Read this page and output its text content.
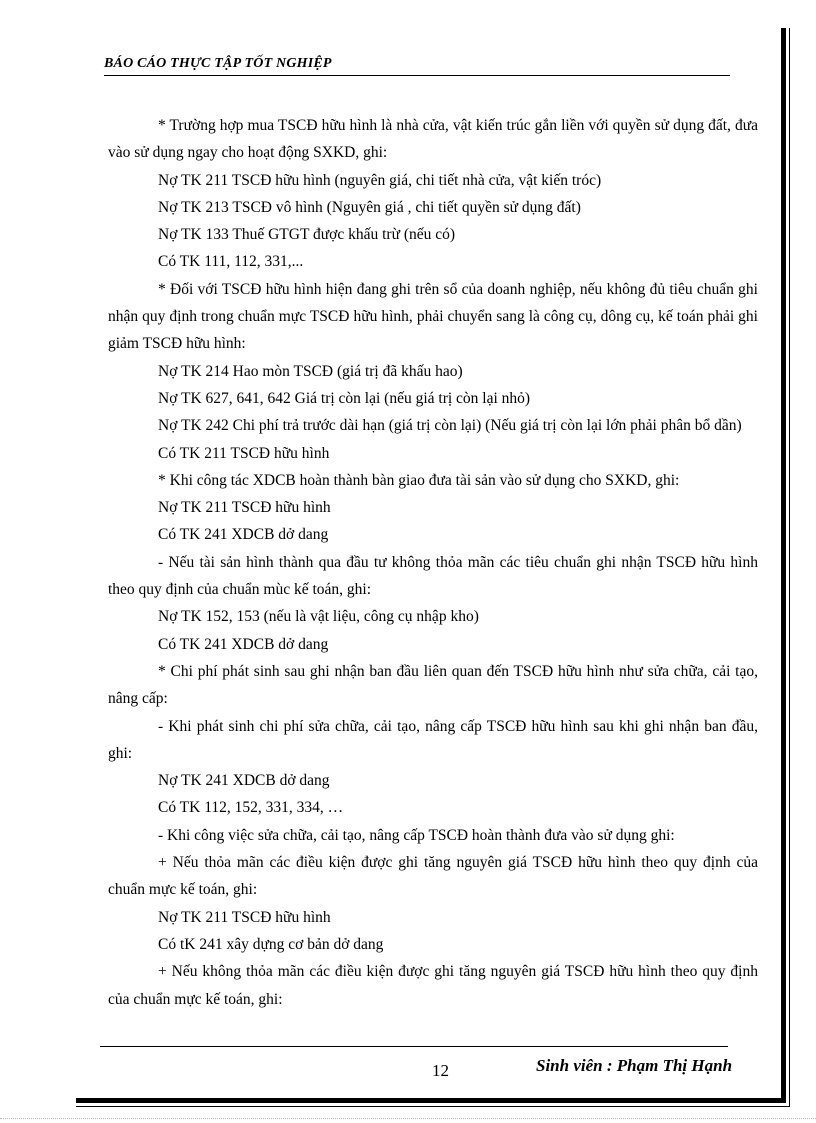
BÁO CÁO THỰC TẬP TỐT NGHIỆP

* Trường hợp mua TSCĐ hữu hình là nhà cửa, vật kiến trúc gắn liền với quyền sử dụng đất, đưa vào sử dụng ngay cho hoạt động SXKD, ghi:

Nợ TK 211 TSCĐ hữu hình (nguyên giá, chi tiết nhà cửa, vật kiến tróc)

Nợ TK 213 TSCĐ vô hình (Nguyên giá , chi tiết quyền sử dụng đất)

Nợ TK 133 Thuế GTGT được khấu trừ (nếu có)

Có TK 111, 112, 331,...

* Đối với TSCĐ hữu hình hiện đang ghi trên sổ của doanh nghiệp, nếu không đủ tiêu chuẩn ghi nhận quy định trong chuẩn mực TSCĐ hữu hình, phải chuyển sang là công cụ, dông cụ, kế toán phải ghi giảm TSCĐ hữu hình:

Nợ TK 214 Hao mòn TSCĐ (giá trị đã khấu hao)

Nợ TK 627, 641, 642 Giá trị còn lại (nếu giá trị còn lại nhỏ)

Nợ TK 242 Chi phí trả trước dài hạn (giá trị còn lại) (Nếu giá trị còn lại lớn phải phân bổ dần)

Có TK 211 TSCĐ hữu hình

* Khi công tác XDCB hoàn thành bàn giao đưa tài sản vào sử dụng cho SXKD, ghi:

Nợ TK 211 TSCĐ hữu hình

Có TK 241 XDCB dở dang

- Nếu tài sản hình thành qua đầu tư không thỏa mãn các tiêu chuẩn ghi nhận TSCĐ hữu hình theo quy định của chuẩn mùc kế toán, ghi:

Nợ TK 152, 153 (nếu là vật liệu, công cụ nhập kho)

Có TK 241 XDCB dở dang

* Chi phí phát sinh sau ghi nhận ban đầu liên quan đến TSCĐ hữu hình như sửa chữa, cải tạo, nâng cấp:

- Khi phát sinh chi phí sửa chữa, cải tạo, nâng cấp TSCĐ hữu hình sau khi ghi nhận ban đầu, ghi:

Nợ TK 241 XDCB dở dang

Có TK 112, 152, 331, 334, …

- Khi công việc sửa chữa, cải tạo, nâng cấp TSCĐ hoàn thành đưa vào sử dụng ghi:

+ Nếu thỏa mãn các điều kiện được ghi tăng nguyên giá TSCĐ hữu hình theo quy định của chuẩn mực kế toán, ghi:

Nợ TK 211 TSCĐ hữu hình

Có tK 241 xây dựng cơ bản dở dang

+ Nếu không thỏa mãn các điều kiện được ghi tăng nguyên giá TSCĐ hữu hình theo quy định của chuẩn mực kế toán, ghi:

12	Sinh viên : Phạm Thị Hạnh
